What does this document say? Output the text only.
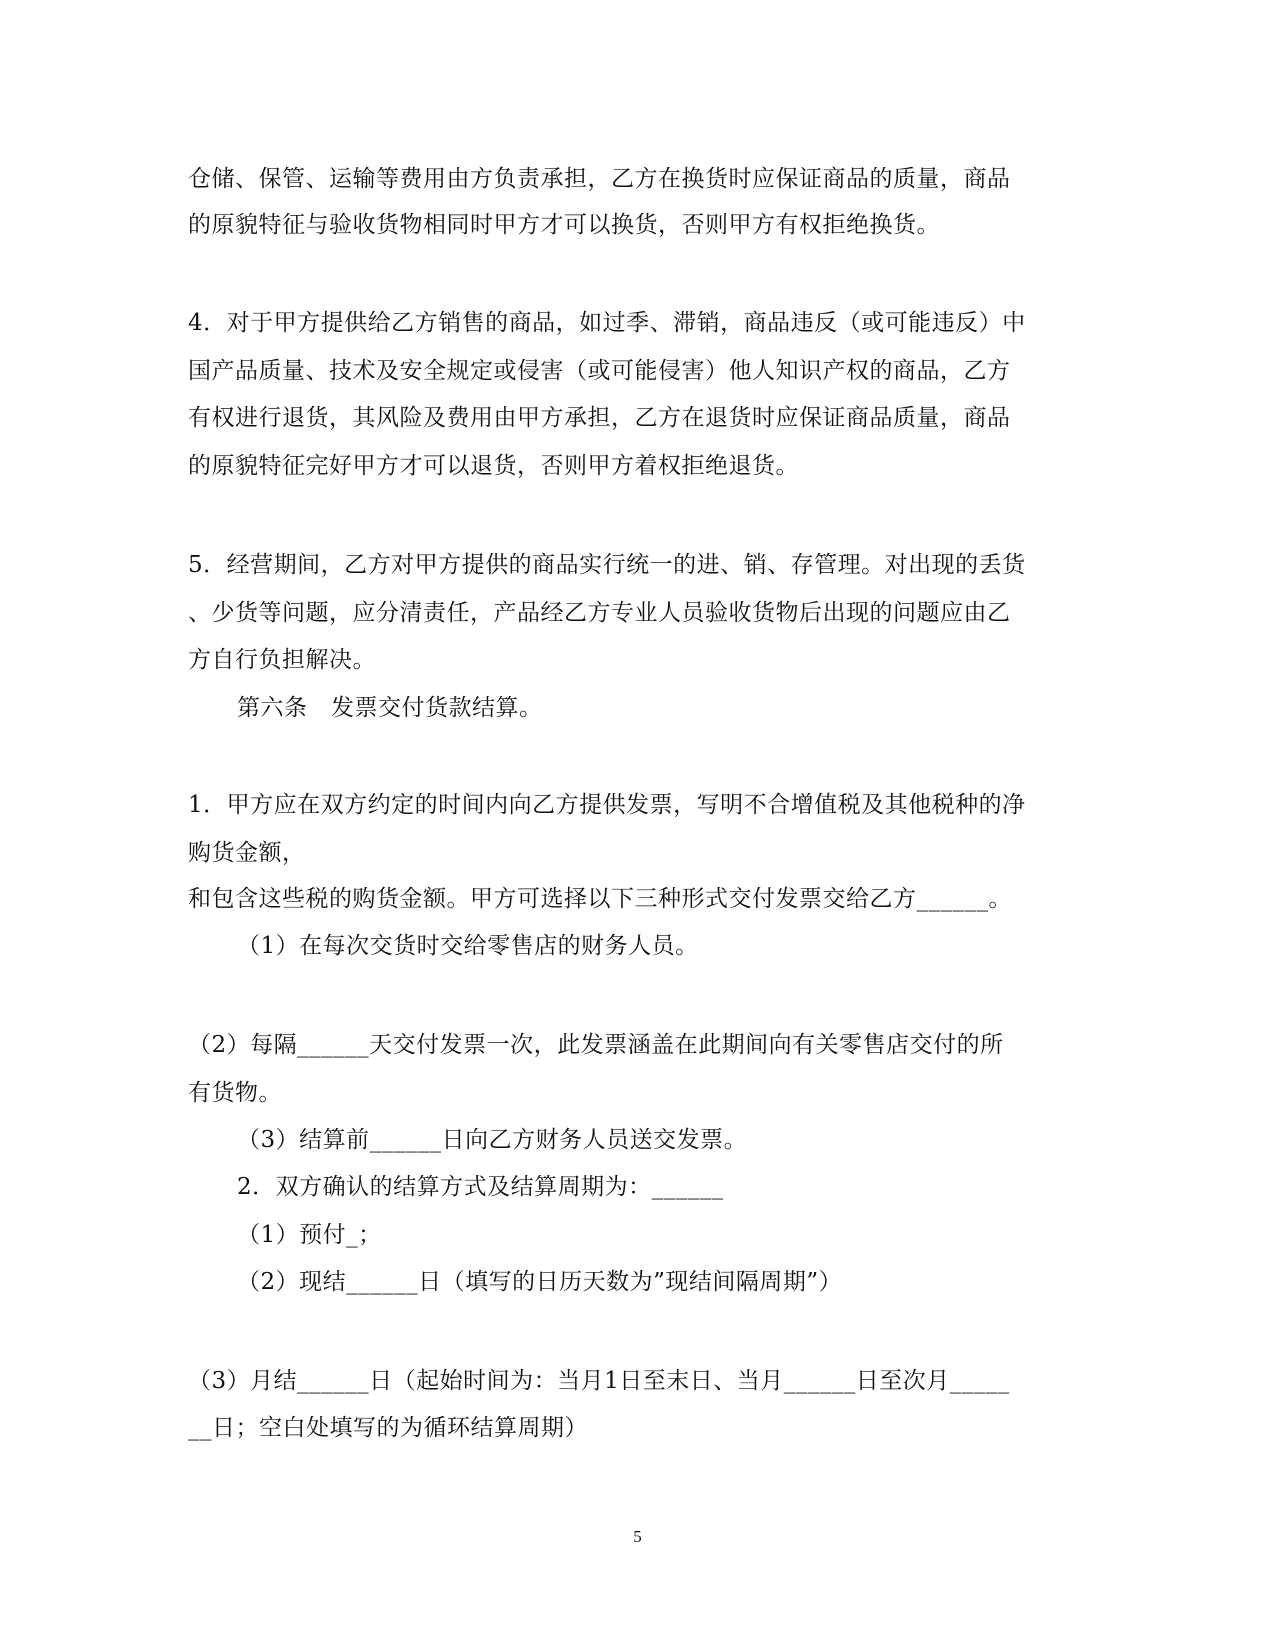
仓储、保管、运输等费用由方负责承担，乙方在换货时应保证商品的质量，商品
的原貌特征与验收货物相同时甲方才可以换货，否则甲方有权拒绝换货。
4．对于甲方提供给乙方销售的商品，如过季、滞销，商品违反（或可能违反）中
国产品质量、技术及安全规定或侵害（或可能侵害）他人知识产权的商品，乙方
有权进行退货，其风险及费用由甲方承担，乙方在退货时应保证商品质量，商品
的原貌特征完好甲方才可以退货，否则甲方着权拒绝退货。
5．经营期间，乙方对甲方提供的商品实行统一的进、销、存管理。对出现的丢货
、少货等问题，应分清责任，产品经乙方专业人员验收货物后出现的问题应由乙
方自行负担解决。
第六条　发票交付货款结算。
1．甲方应在双方约定的时间内向乙方提供发票，写明不合增值税及其他税种的净
购货金额，
和包含这些税的购货金额。甲方可选择以下三种形式交付发票交给乙方______。
（1）在每次交货时交给零售店的财务人员。
（2）每隔______天交付发票一次，此发票涵盖在此期间向有关零售店交付的所
有货物。
（3）结算前______日向乙方财务人员送交发票。
2．双方确认的结算方式及结算周期为：______
（1）预付_；
（2）现结______日（填写的日历天数为”现结间隔周期”）
（3）月结______日（起始时间为：当月1日至末日、当月______日至次月_____
__日；空白处填写的为循环结算周期）
5
